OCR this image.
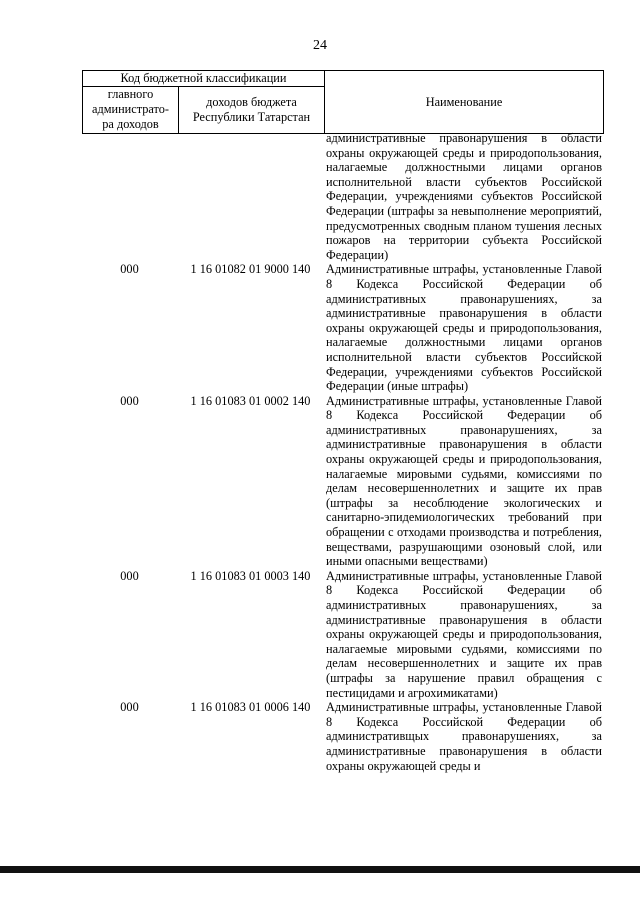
24
Код бюджетной классификации
главного
администрато-
ра доходов
доходов бюджета
Республики Татарстан
Наименование

административные правонарушения в области охраны окружающей среды и природопользования, налагаемые должностными лицами органов исполнительной власти субъектов Российской Федерации, учреждениями субъектов Российской Федерации (штрафы за невыполнение мероприятий, предусмотренных сводным планом тушения лесных пожаров на территории субъекта Российской Федерации)

000	1 16 01082 01 9000 140	Административные штрафы, установленные Главой 8 Кодекса Российской Федерации об административных правонарушениях, за административные правонарушения в области охраны окружающей среды и природопользования, налагаемые должностными лицами органов исполнительной власти субъектов Российской Федерации, учреждениями субъектов Российской Федерации (иные штрафы)

000	1 16 01083 01 0002 140	Административные штрафы, установленные Главой 8 Кодекса Российской Федерации об административных правонарушениях, за административные правонарушения в области охраны окружающей среды и природопользования, налагаемые мировыми судьями, комиссиями по делам несовершеннолетних и защите их прав (штрафы за несоблюдение экологических и санитарно-эпидемиологических требований при обращении с отходами производства и потребления, веществами, разрушающими озоновый слой, или иными опасными веществами)

000	1 16 01083 01 0003 140	Административные штрафы, установленные Главой 8 Кодекса Российской Федерации об административных правонарушениях, за административные правонарушения в области охраны окружающей среды и природопользования, налагаемые мировыми судьями, комиссиями по делам несовершеннолетних и защите их прав (штрафы за нарушение правил обращения с пестицидами и агрохимикатами)

000	1 16 01083 01 0006 140	Административные штрафы, установленные Главой 8 Кодекса Российской Федерации об административщых правонарушениях, за административные правонарушения в области охраны окружающей среды и
